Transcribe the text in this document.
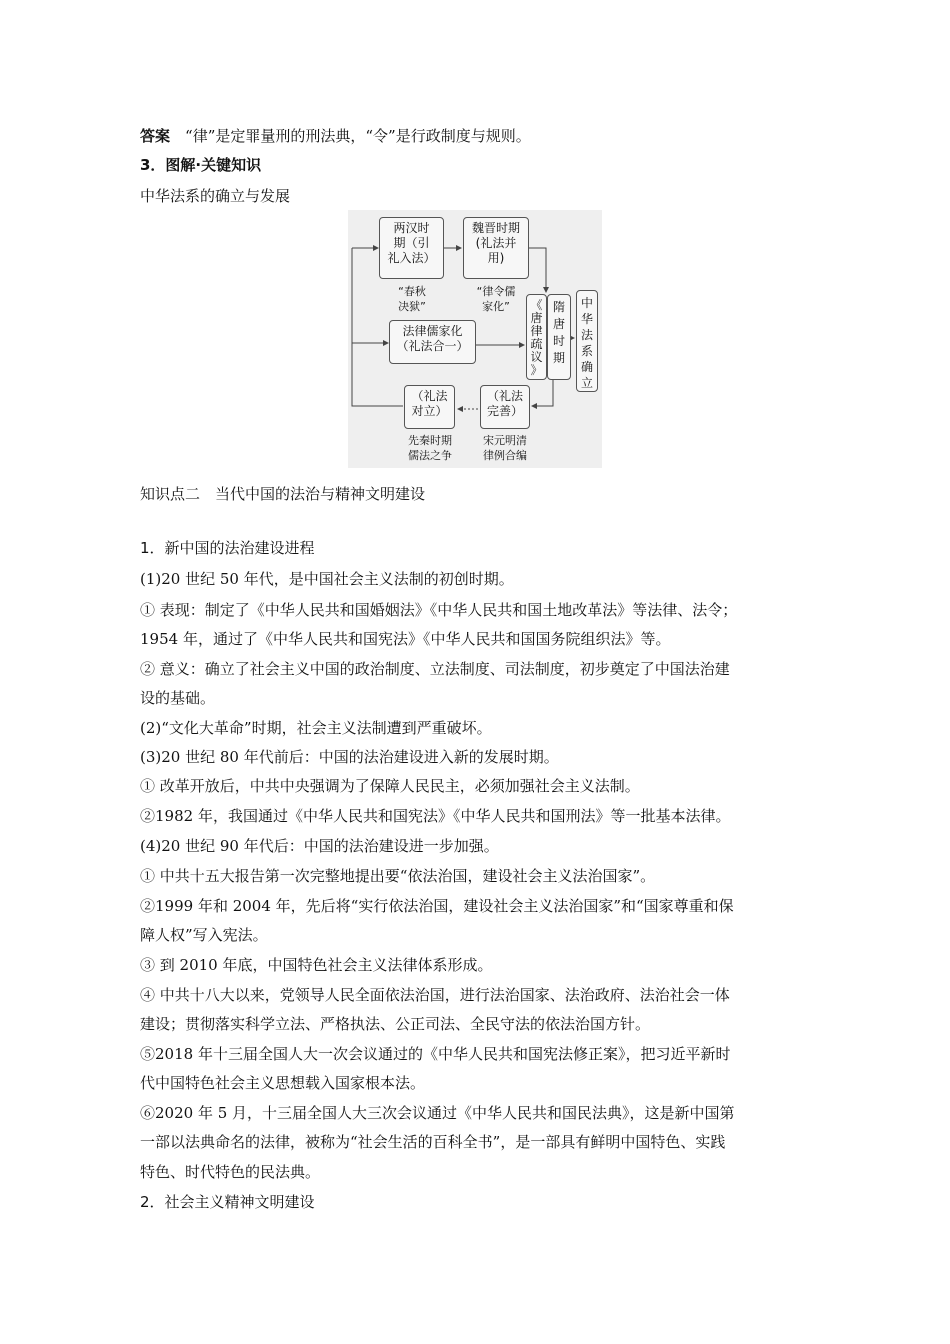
答案　 “律”是定罪量刑的刑法典，“令”是行政制度与规则。
3．图解·关键知识
中华法系的确立与发展
两汉时
期（引
礼入法）
“春秋
决狱”
魏晋时期
(礼法并
用)
“律令儒
家化”
法律儒家化
（礼法合一）
《
唐
律
疏
议
》
隋
唐
时
期
中
华
法
系
确
立
（礼法
对立）
先秦时期
儒法之争
（礼法
完善）
宋元明清
律例合编
知识点二　当代中国的法治与精神文明建设
1．新中国的法治建设进程
(1)20 世纪 50 年代，是中国社会主义法制的初创时期。
① 表现：制定了《中华人民共和国婚姻法》《中华人民共和国土地改革法》等法律、法令；
1954 年，通过了《中华人民共和国宪法》《中华人民共和国国务院组织法》等。
② 意义：确立了社会主义中国的政治制度、立法制度、司法制度，初步奠定了中国法治建
设的基础。
(2)“文化大革命”时期，社会主义法制遭到严重破坏。
(3)20 世纪 80 年代前后：中国的法治建设进入新的发展时期。
① 改革开放后，中共中央强调为了保障人民民主，必须加强社会主义法制。
②1982 年，我国通过《中华人民共和国宪法》《中华人民共和国刑法》等一批基本法律。
(4)20 世纪 90 年代后：中国的法治建设进一步加强。
① 中共十五大报告第一次完整地提出要“依法治国，建设社会主义法治国家”。
②1999 年和 2004 年，先后将“实行依法治国，建设社会主义法治国家”和“国家尊重和保
障人权”写入宪法。
③ 到 2010 年底，中国特色社会主义法律体系形成。
④ 中共十八大以来，党领导人民全面依法治国，进行法治国家、法治政府、法治社会一体
建设；贯彻落实科学立法、严格执法、公正司法、全民守法的依法治国方针。
⑤2018 年十三届全国人大一次会议通过的《中华人民共和国宪法修正案》，把习近平新时
代中国特色社会主义思想载入国家根本法。
⑥2020 年 5 月，十三届全国人大三次会议通过《中华人民共和国民法典》，这是新中国第
一部以法典命名的法律，被称为“社会生活的百科全书”，是一部具有鲜明中国特色、实践
特色、时代特色的民法典。
2．社会主义精神文明建设
